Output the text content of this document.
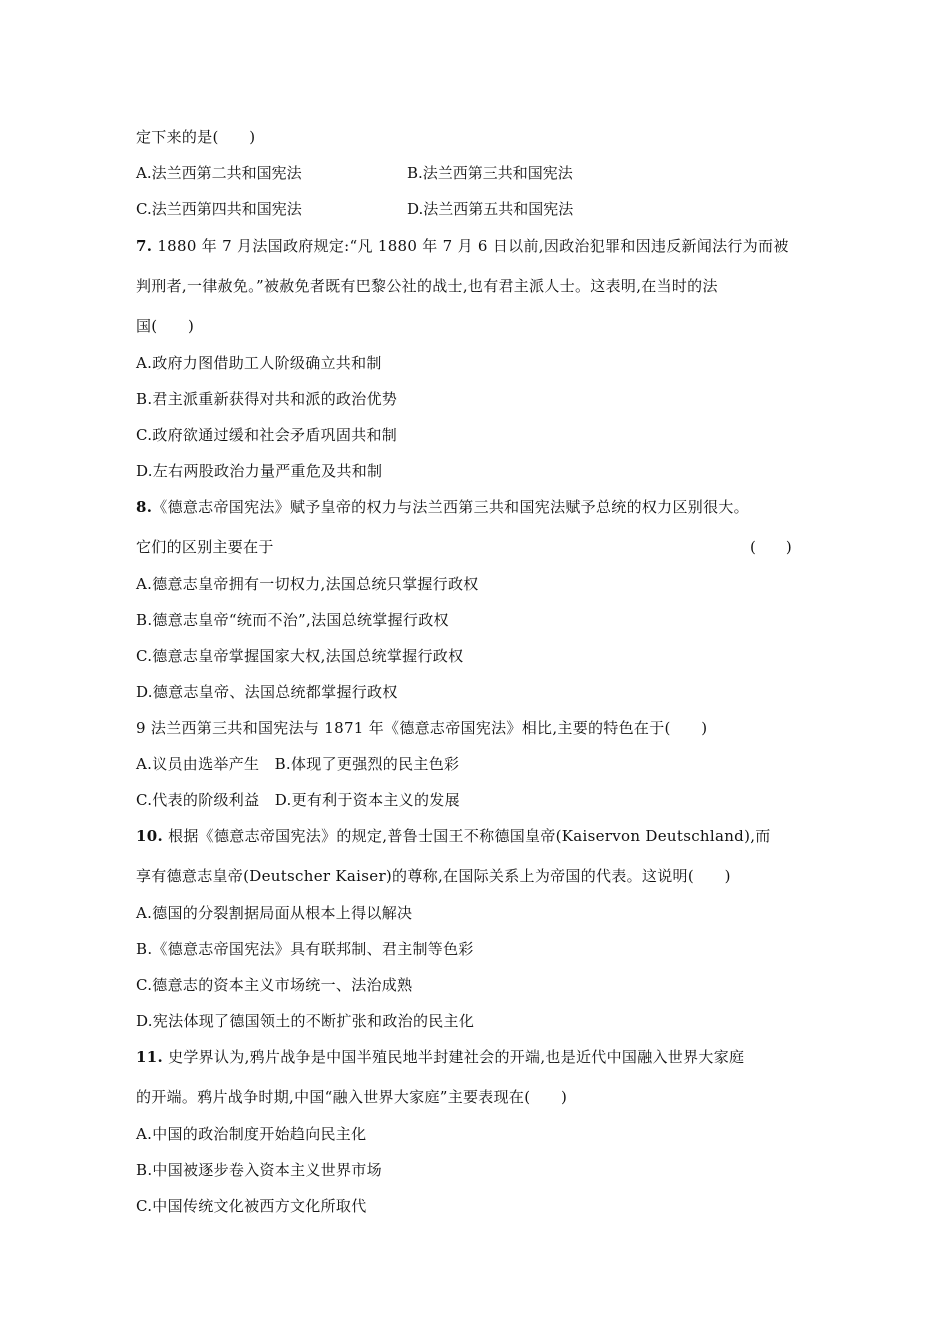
定下来的是(　　)
A.法兰西第二共和国宪法	B.法兰西第三共和国宪法
C.法兰西第四共和国宪法	D.法兰西第五共和国宪法
7. 1880 年 7 月法国政府规定:“凡 1880 年 7 月 6 日以前,因政治犯罪和因违反新闻法行为而被
判刑者,一律赦免。”被赦免者既有巴黎公社的战士,也有君主派人士。这表明,在当时的法
国(　　)
A.政府力图借助工人阶级确立共和制
B.君主派重新获得对共和派的政治优势
C.政府欲通过缓和社会矛盾巩固共和制
D.左右两股政治力量严重危及共和制
8.《德意志帝国宪法》赋予皇帝的权力与法兰西第三共和国宪法赋予总统的权力区别很大。
它们的区别主要在于	(　　)
A.德意志皇帝拥有一切权力,法国总统只掌握行政权
B.德意志皇帝“统而不治”,法国总统掌握行政权
C.德意志皇帝掌握国家大权,法国总统掌握行政权
D.德意志皇帝、法国总统都掌握行政权
9 法兰西第三共和国宪法与 1871 年《德意志帝国宪法》相比,主要的特色在于(　　)
A.议员由选举产生　B.体现了更强烈的民主色彩
C.代表的阶级利益　D.更有利于资本主义的发展
10. 根据《德意志帝国宪法》的规定,普鲁士国王不称德国皇帝(Kaiservon Deutschland),而
享有德意志皇帝(Deutscher Kaiser)的尊称,在国际关系上为帝国的代表。这说明(　　)
A.德国的分裂割据局面从根本上得以解决
B.《德意志帝国宪法》具有联邦制、君主制等色彩
C.德意志的资本主义市场统一、法治成熟
D.宪法体现了德国领土的不断扩张和政治的民主化
11. 史学界认为,鸦片战争是中国半殖民地半封建社会的开端,也是近代中国融入世界大家庭
的开端。鸦片战争时期,中国“融入世界大家庭”主要表现在(　　)
A.中国的政治制度开始趋向民主化
B.中国被逐步卷入资本主义世界市场
C.中国传统文化被西方文化所取代
